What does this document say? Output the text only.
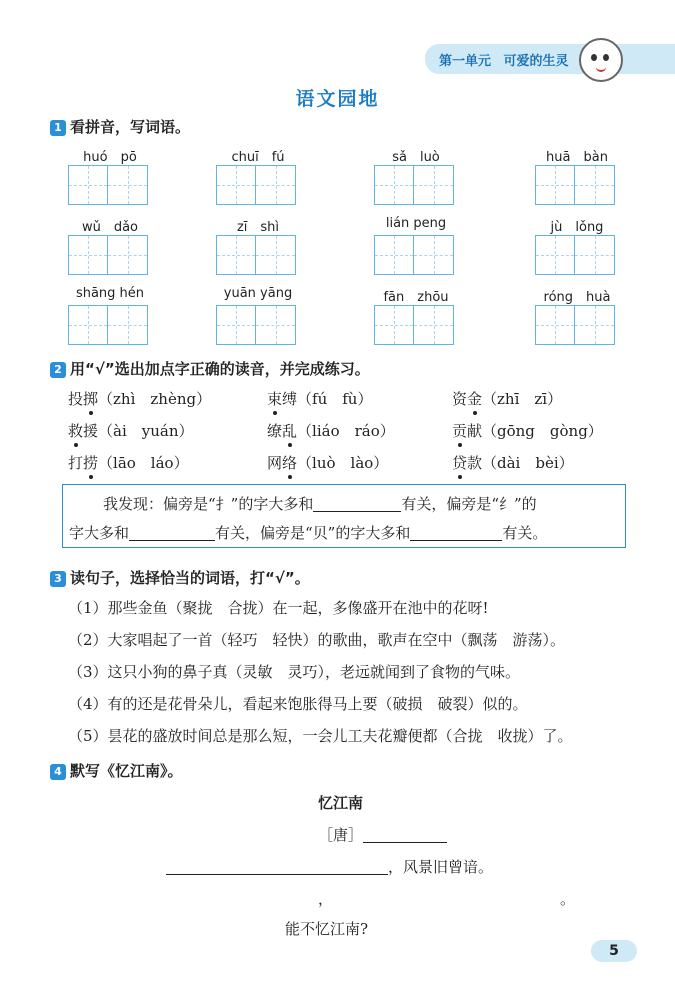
第一单元 可爱的生灵
语文园地
1 看拼音，写词语。
huó　pō	chuī　fú	sǎ　luò	huā　bàn
wǔ　dǎo	zī　shì	lián peng	jù　lǒng
shāng hén	yuān yāng	fān　zhōu	róng　huà
2 用“√”选出加点字正确的读音，并完成练习。
投掷（zhì　zhèng）	束缚（fú　fù）	资金（zhī　zī）
救援（ài　yuán）	缭乱（liáo　ráo）	贡献（gōng　gòng）
打捞（lāo　láo）	网络（luò　lào）	贷款（dài　bèi）
我发现：偏旁是“扌”的字大多和	有关，偏旁是“纟”的
字大多和	有关，偏旁是“贝”的字大多和	有关。
3 读句子，选择恰当的词语，打“√”。
（1）那些金鱼（聚拢　合拢）在一起，多像盛开在池中的花呀!
（2）大家唱起了一首（轻巧　轻快）的歌曲，歌声在空中（飘荡　游荡）。
（3）这只小狗的鼻子真（灵敏　灵巧），老远就闻到了食物的气味。
（4）有的还是花骨朵儿，看起来饱胀得马上要（破损　破裂）似的。
（5）昙花的盛放时间总是那么短，一会儿工夫花瓣便都（合拢　收拢）了。
4 默写《忆江南》。
忆江南
［唐］
，风景旧曾谙。
，	。
能不忆江南?
5
